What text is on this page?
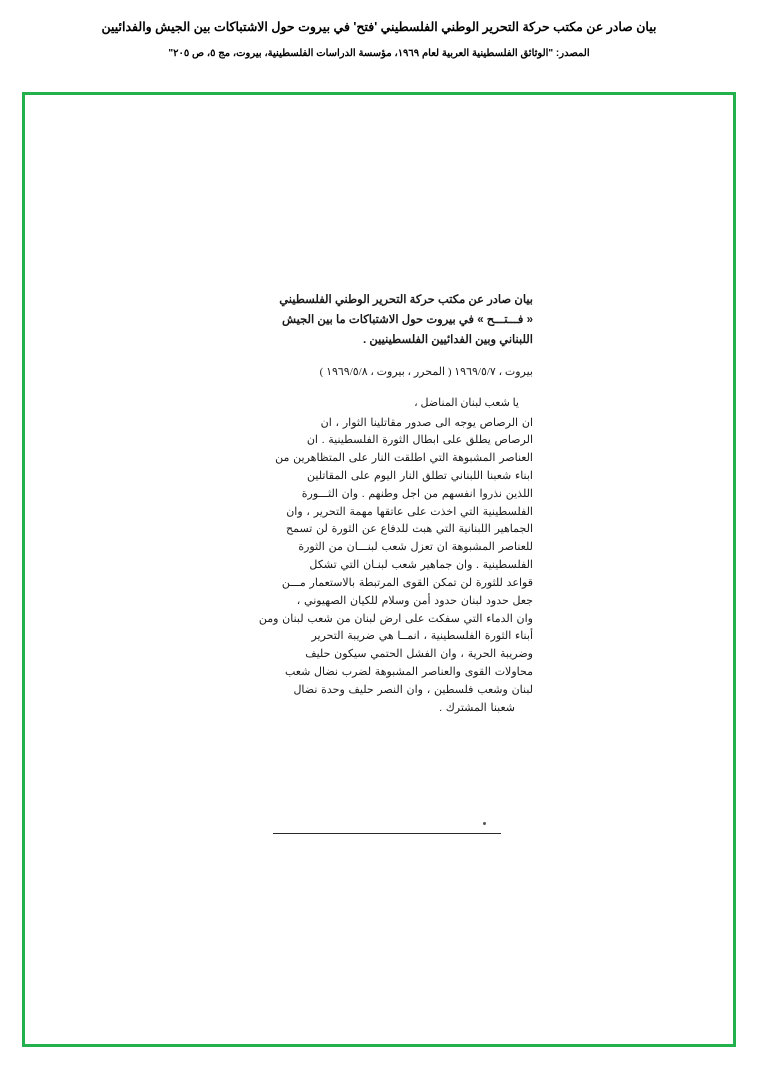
بيان صادر عن مكتب حركة التحرير الوطني الفلسطيني 'فتح' في بيروت حول الاشتباكات بين الجيش والفدائيين
المصدر: "الوثائق الفلسطينية العربية لعام ١٩٦٩، مؤسسة الدراسات الفلسطينية، بيروت، مج ٥، ص ٢٠٥"
بيان صادر عن مكتب حركة التحرير الوطني الفلسطيني
« فـــتـــح » في بيروت حول الاشتباكات ما بين الجيش
اللبناني وبين الفدائيين الفلسطينيين .
بيروت ، ١٩٦٩/٥/٧ ( المحرر ، بيروت ، ١٩٦٩/٥/٨ )
يا شعب لبنان المناضل ،
ان الرصاص يوجه الى صدور مقاتلينا الثوار ، ان
الرصاص يطلق على ابطال الثورة الفلسطينية . ان
العناصر المشبوهة التي اطلقت النار على المتظاهرين من
ابناء شعبنا اللبناني تطلق النار اليوم على المقاتلين
اللذين نذروا انفسهم من اجل وطنهم . وان الثـــورة
الفلسطينية التي اخذت على عاتقها مهمة التحرير ، وان
الجماهير اللبنانية التي هبت للدفاع عن الثورة لن تسمح
للعناصر المشبوهة ان تعزل شعب لبنـــان من الثورة
الفلسطينية . وان جماهير شعب لبنـان التي تشكل
قواعد للثورة لن تمكن القوى المرتبطة بالاستعمار مـــن
جعل حدود لبنان حدود أمن وسلام للكيان الصهيوني ،
وان الدماء التي سفكت على ارض لبنان من شعب لبنان ومن
أبناء الثورة الفلسطينية ، انمــا هي ضريبة التحرير
وضريبة الحرية ، وان الفشل الحتمي سيكون حليف
محاولات القوى والعناصر المشبوهة لضرب نضال شعب
لبنان وشعب فلسطين ، وان النصر حليف وحدة نضال
شعبنا المشترك .
